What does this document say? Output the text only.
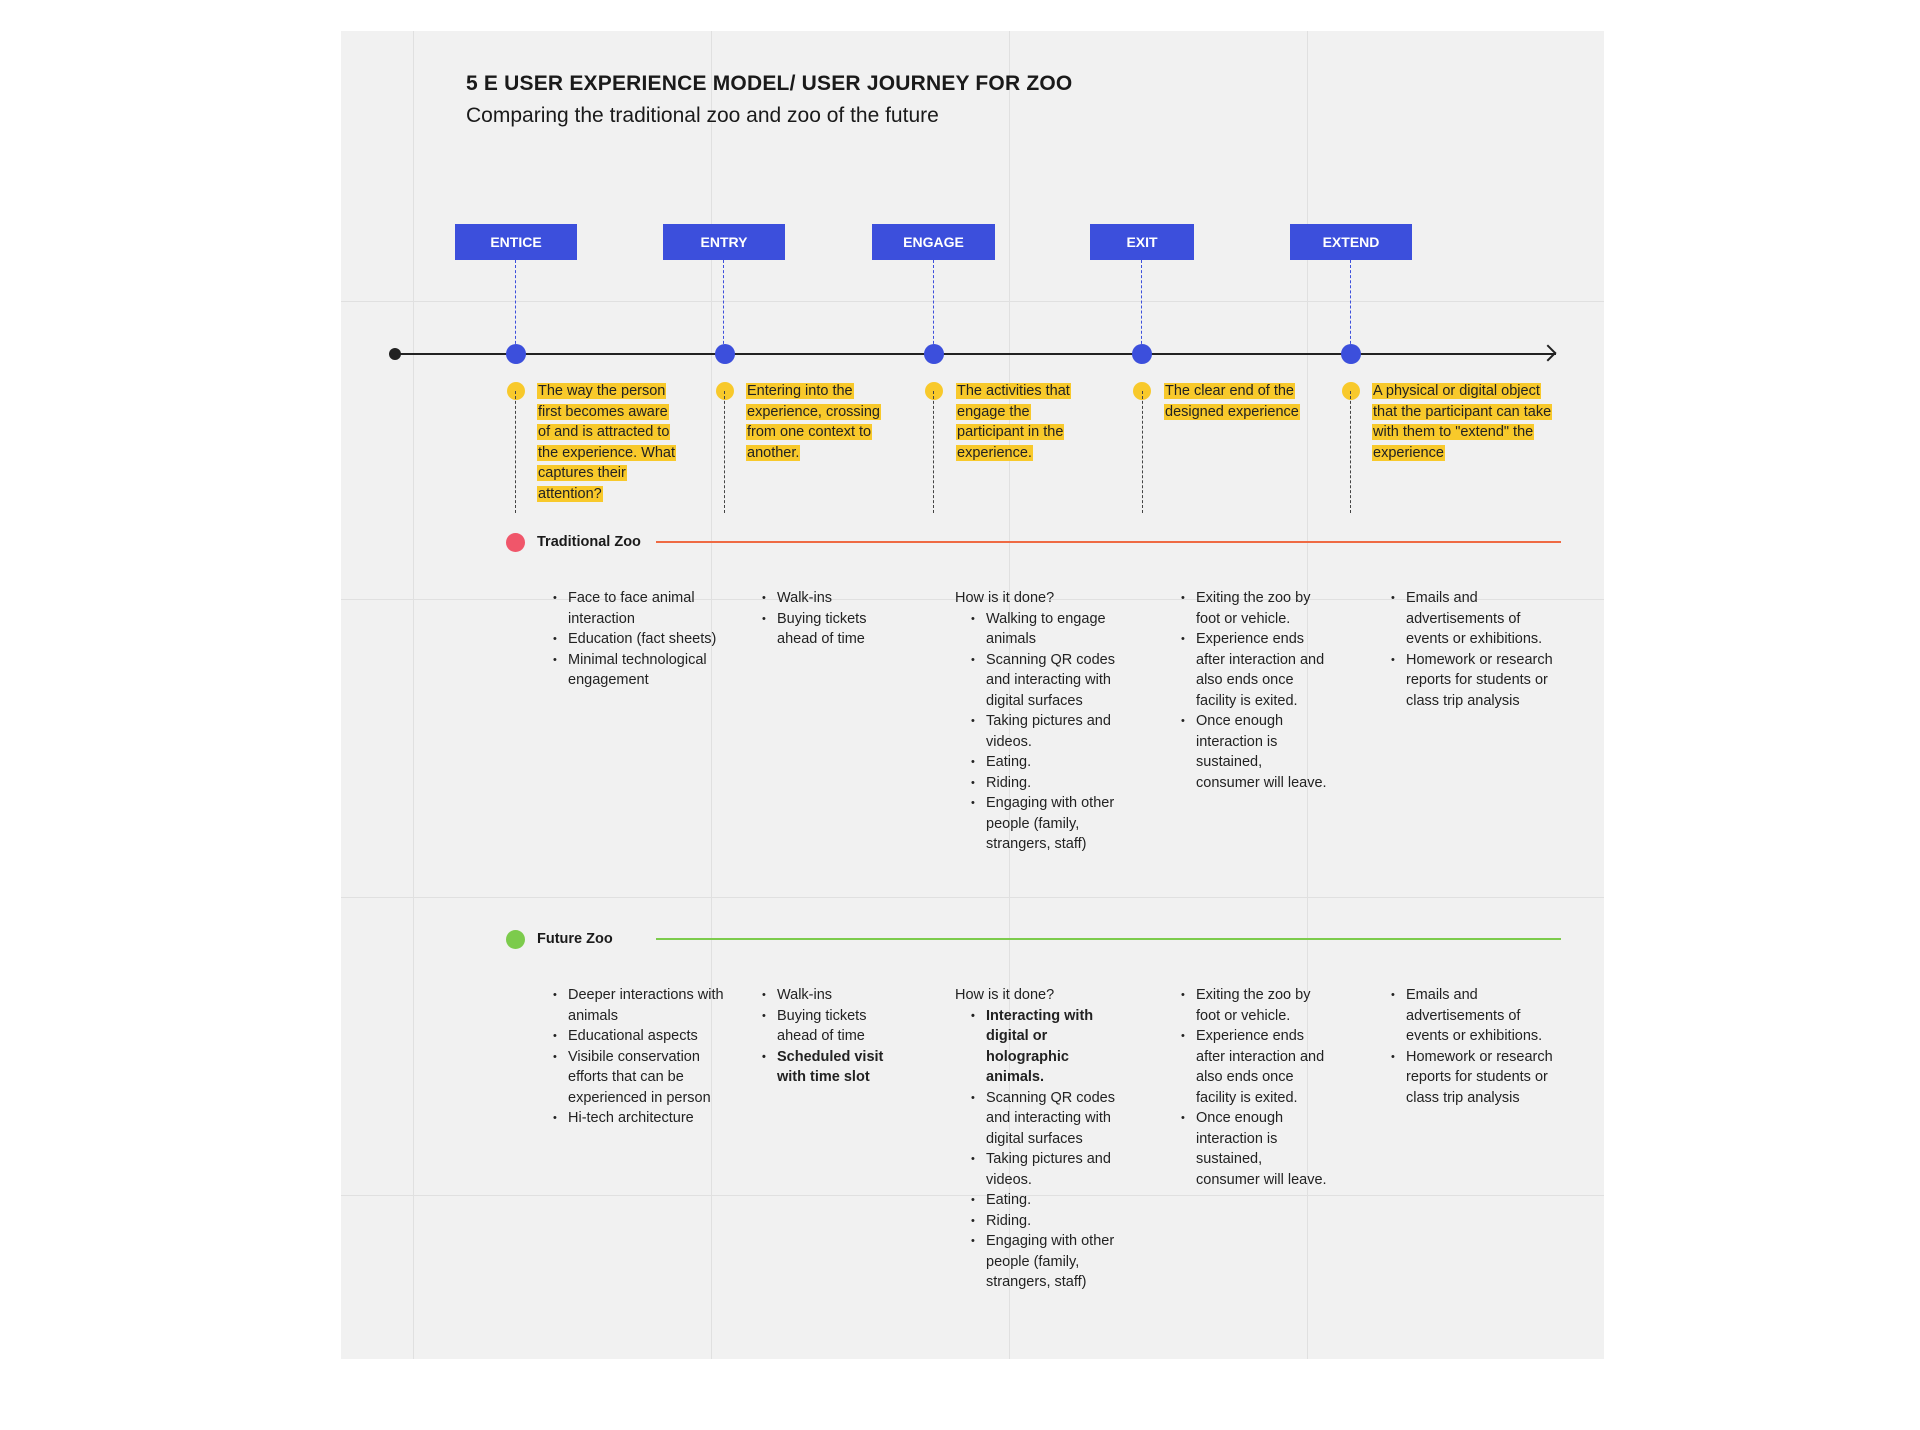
5 E USER EXPERIENCE MODEL/ USER JOURNEY FOR ZOO
Comparing the traditional zoo and zoo of the future
ENTICE
The way the person first becomes aware of and is attracted to the experience. What captures their attention?
ENTRY
Entering into the experience, crossing from one context to another.
ENGAGE
The activities that engage the participant in the experience.
EXIT
The clear end of the designed experience
EXTEND
A physical or digital object that the participant can take with them to "extend" the experience
Traditional Zoo
• Face to face animal interaction
• Education (fact sheets)
• Minimal technological engagement
• Walk-ins
• Buying tickets ahead of time

How is it done?

• Walking to engage animals
• Scanning QR codes and interacting with digital surfaces
• Taking pictures and videos.
• Eating.
• Riding.
• Engaging with other people (family, strangers, staff)
• Exiting the zoo by foot or vehicle.
• Experience ends after interaction and also ends once facility is exited.
• Once enough interaction is sustained, consumer will leave.
• Emails and advertisements of events or exhibitions.
• Homework or research reports for students or class trip analysis
Future Zoo
• Deeper interactions with animals
• Educational aspects
• Visibile conservation efforts that can be experienced in person
• Hi-tech architecture
• Walk-ins
• Buying tickets ahead of time
• Scheduled visit with time slot

How is it done?

• Interacting with digital or holographic animals.
• Scanning QR codes and interacting with digital surfaces
• Taking pictures and videos.
• Eating.
• Riding.
• Engaging with other people (family, strangers, staff)
• Exiting the zoo by foot or vehicle.
• Experience ends after interaction and also ends once facility is exited.
• Once enough interaction is sustained, consumer will leave.
• Emails and advertisements of events or exhibitions.
• Homework or research reports for students or class trip analysis
